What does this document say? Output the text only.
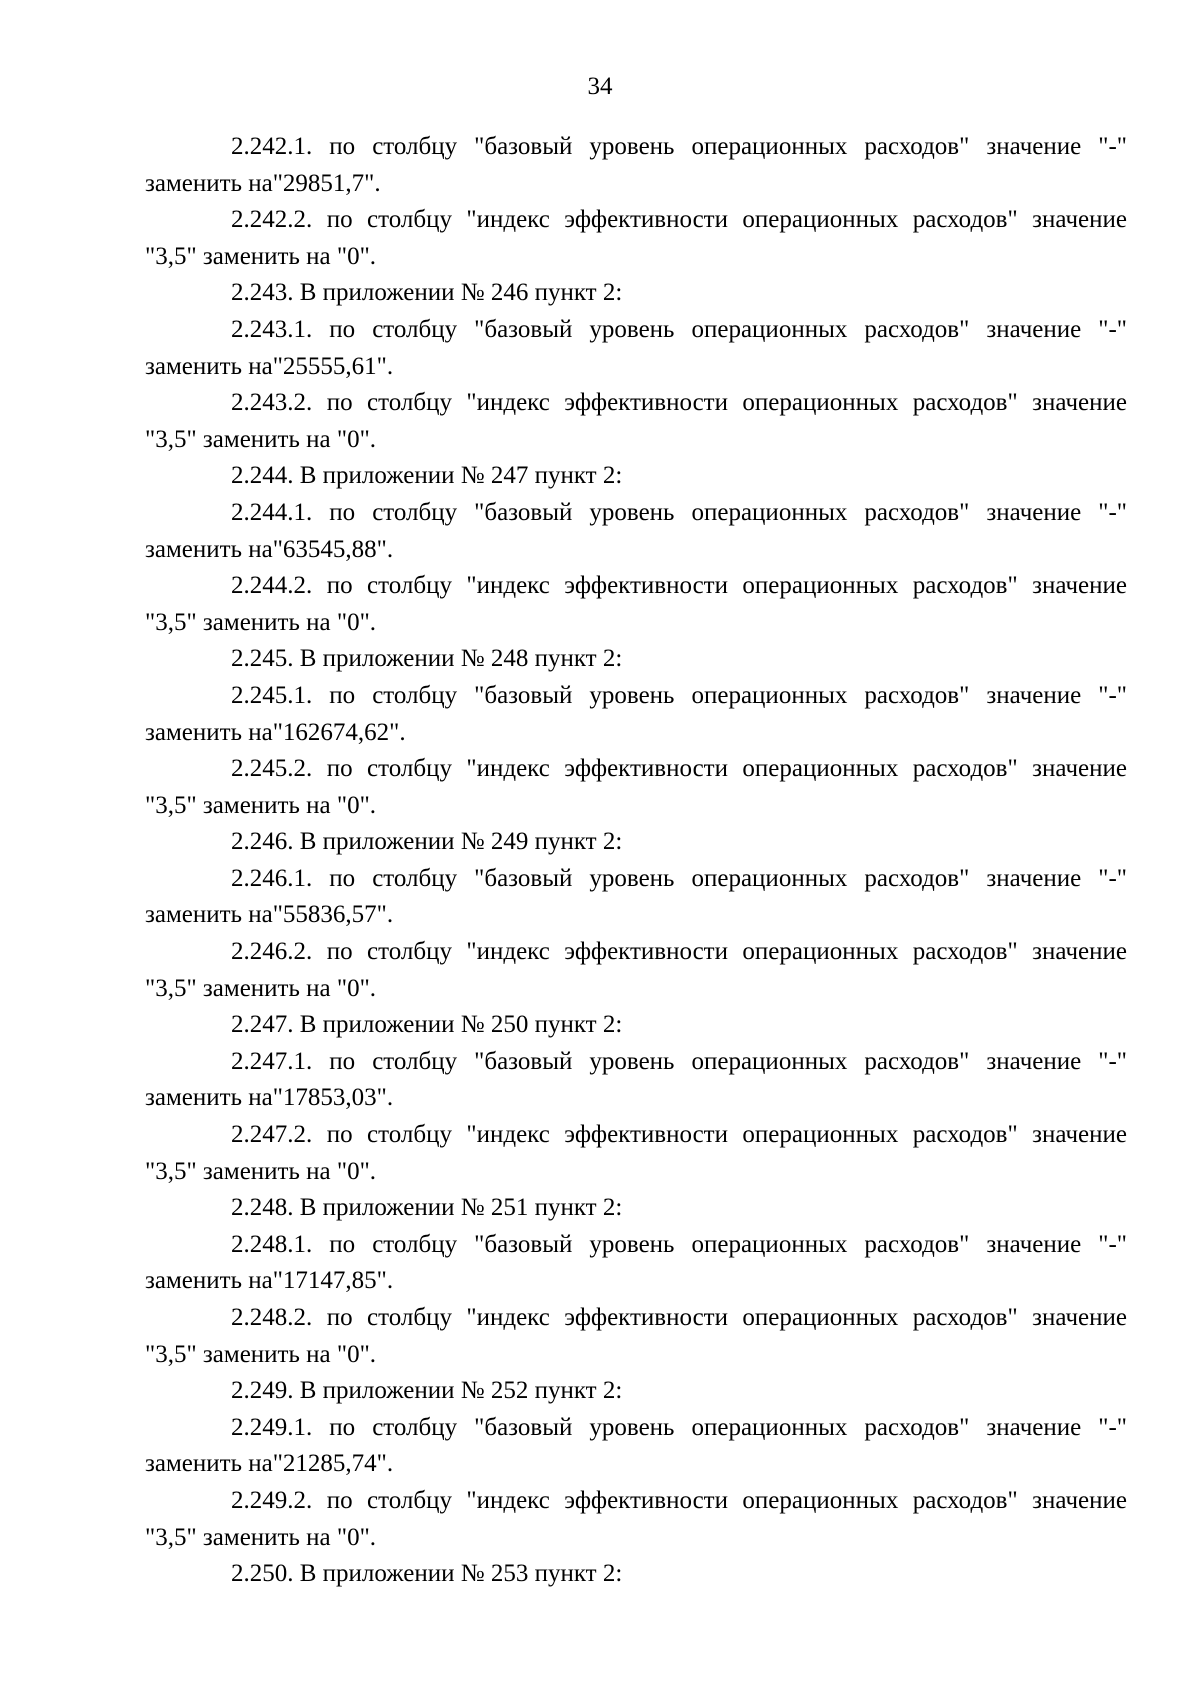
34

2.242.1. по столбцу "базовый уровень операционных расходов" значение "-" заменить на"29851,7".

2.242.2. по столбцу "индекс эффективности операционных расходов" значение "3,5" заменить на "0".

2.243. В приложении № 246 пункт 2:

2.243.1. по столбцу "базовый уровень операционных расходов" значение "-" заменить на"25555,61".

2.243.2. по столбцу "индекс эффективности операционных расходов" значение "3,5" заменить на "0".

2.244. В приложении № 247 пункт 2:

2.244.1. по столбцу "базовый уровень операционных расходов" значение "-" заменить на"63545,88".

2.244.2. по столбцу "индекс эффективности операционных расходов" значение "3,5" заменить на "0".

2.245. В приложении № 248 пункт 2:

2.245.1. по столбцу "базовый уровень операционных расходов" значение "-" заменить на"162674,62".

2.245.2. по столбцу "индекс эффективности операционных расходов" значение "3,5" заменить на "0".

2.246. В приложении № 249 пункт 2:

2.246.1. по столбцу "базовый уровень операционных расходов" значение "-" заменить на"55836,57".

2.246.2. по столбцу "индекс эффективности операционных расходов" значение "3,5" заменить на "0".

2.247. В приложении № 250 пункт 2:

2.247.1. по столбцу "базовый уровень операционных расходов" значение "-" заменить на"17853,03".

2.247.2. по столбцу "индекс эффективности операционных расходов" значение "3,5" заменить на "0".

2.248. В приложении № 251 пункт 2:

2.248.1. по столбцу "базовый уровень операционных расходов" значение "-" заменить на"17147,85".

2.248.2. по столбцу "индекс эффективности операционных расходов" значение "3,5" заменить на "0".

2.249. В приложении № 252 пункт 2:

2.249.1. по столбцу "базовый уровень операционных расходов" значение "-" заменить на"21285,74".

2.249.2. по столбцу "индекс эффективности операционных расходов" значение "3,5" заменить на "0".

2.250. В приложении № 253 пункт 2:
